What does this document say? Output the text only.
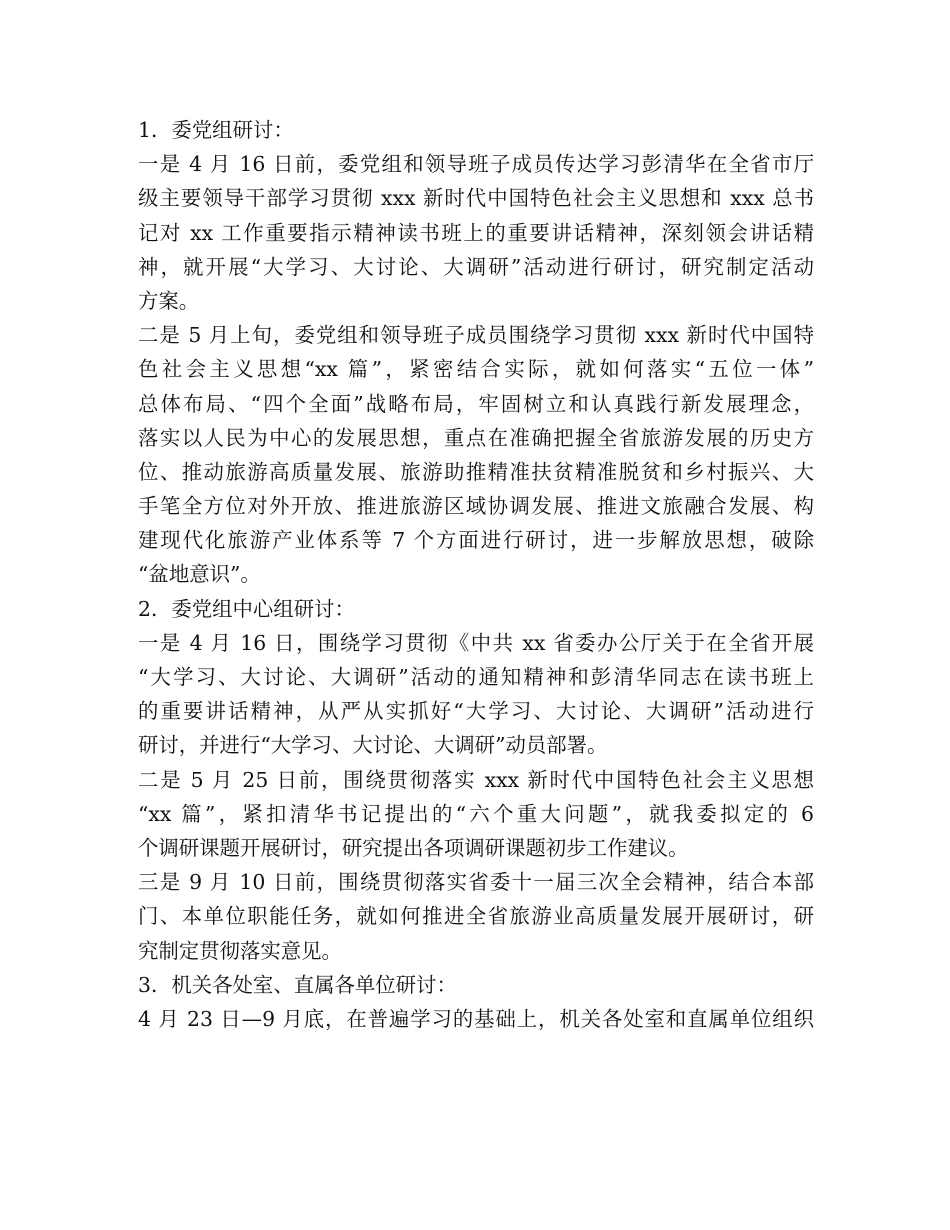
1．委党组研讨：
一是 4 月 16 日前，委党组和领导班子成员传达学习彭清华在全省市厅
级主要领导干部学习贯彻 xxx 新时代中国特色社会主义思想和 xxx 总书
记对 xx 工作重要指示精神读书班上的重要讲话精神，深刻领会讲话精
神，就开展“大学习、大讨论、大调研”活动进行研讨，研究制定活动
方案。
二是 5 月上旬，委党组和领导班子成员围绕学习贯彻 xxx 新时代中国特
色社会主义思想“xx 篇”，紧密结合实际，就如何落实“五位一体”
总体布局、“四个全面”战略布局，牢固树立和认真践行新发展理念，
落实以人民为中心的发展思想，重点在准确把握全省旅游发展的历史方
位、推动旅游高质量发展、旅游助推精准扶贫精准脱贫和乡村振兴、大
手笔全方位对外开放、推进旅游区域协调发展、推进文旅融合发展、构
建现代化旅游产业体系等 7 个方面进行研讨，进一步解放思想，破除
“盆地意识”。
2．委党组中心组研讨：
一是 4 月 16 日，围绕学习贯彻《中共 xx 省委办公厅关于在全省开展
“大学习、大讨论、大调研”活动的通知精神和彭清华同志在读书班上
的重要讲话精神，从严从实抓好“大学习、大讨论、大调研”活动进行
研讨，并进行“大学习、大讨论、大调研”动员部署。
二是 5 月 25 日前，围绕贯彻落实 xxx 新时代中国特色社会主义思想
“xx 篇”，紧扣清华书记提出的“六个重大问题”，就我委拟定的 6
个调研课题开展研讨，研究提出各项调研课题初步工作建议。
三是 9 月 10 日前，围绕贯彻落实省委十一届三次全会精神，结合本部
门、本单位职能任务，就如何推进全省旅游业高质量发展开展研讨，研
究制定贯彻落实意见。
3．机关各处室、直属各单位研讨：
4 月 23 日—9 月底，在普遍学习的基础上，机关各处室和直属单位组织
